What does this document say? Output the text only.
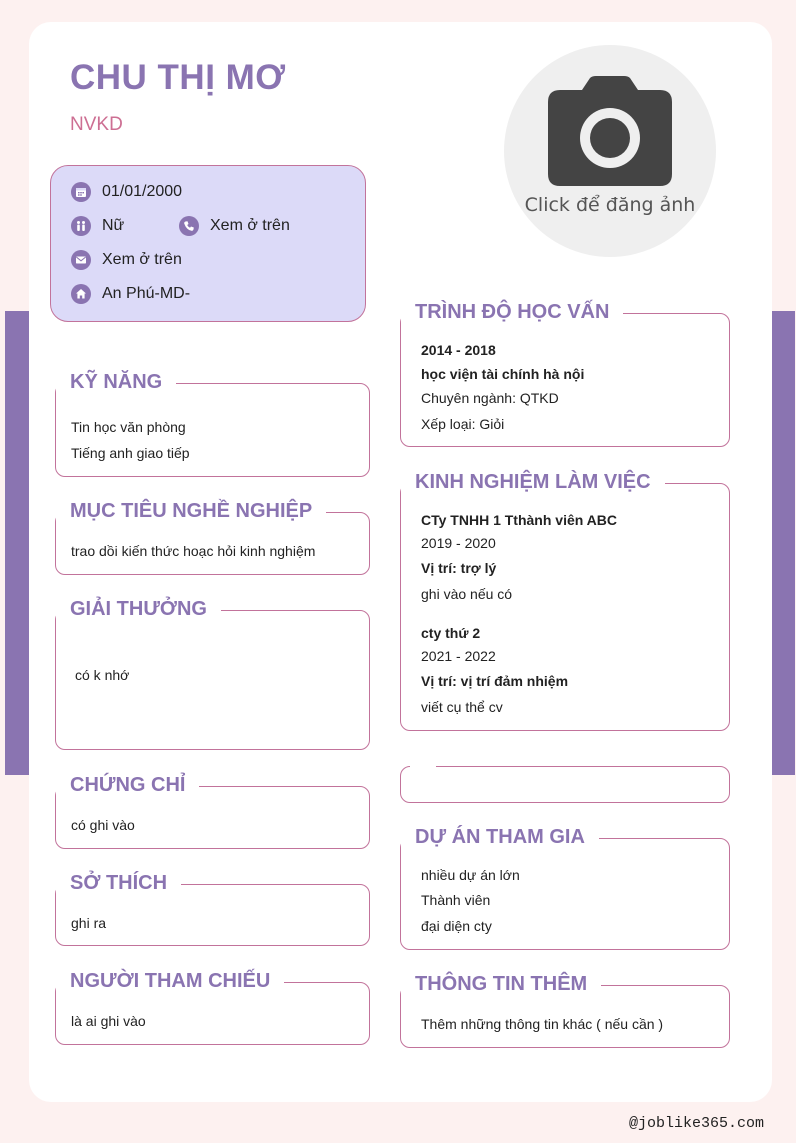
CHU THỊ MƠ
NVKD
Click để đăng ảnh
01/01/2000
Nữ	Xem ở trên
Xem ở trên
An Phú-MD-
KỸ NĂNG
Tin học văn phòng
Tiếng anh giao tiếp
MỤC TIÊU NGHỀ NGHIỆP
trao dồi kiến thức hoạc hỏi kinh nghiệm
GIẢI THƯỞNG
có k nhớ
CHỨNG CHỈ
có ghi vào
SỞ THÍCH
ghi ra
NGƯỜI THAM CHIẾU
là ai ghi vào
TRÌNH ĐỘ HỌC VẤN
2014 - 2018
học viện tài chính hà nội
Chuyên ngành: QTKD
Xếp loại: Giỏi
KINH NGHIỆM LÀM VIỆC
CTy TNHH 1 Tthành viên ABC
2019 - 2020
Vị trí: trợ lý
ghi vào nếu có
cty thứ 2
2021 - 2022
Vị trí: vị trí đảm nhiệm
viết cụ thể cv
DỰ ÁN THAM GIA
nhiều dự án lớn
Thành viên
đại diện cty
THÔNG TIN THÊM
Thêm những thông tin khác ( nếu cần )
@joblike365.com
